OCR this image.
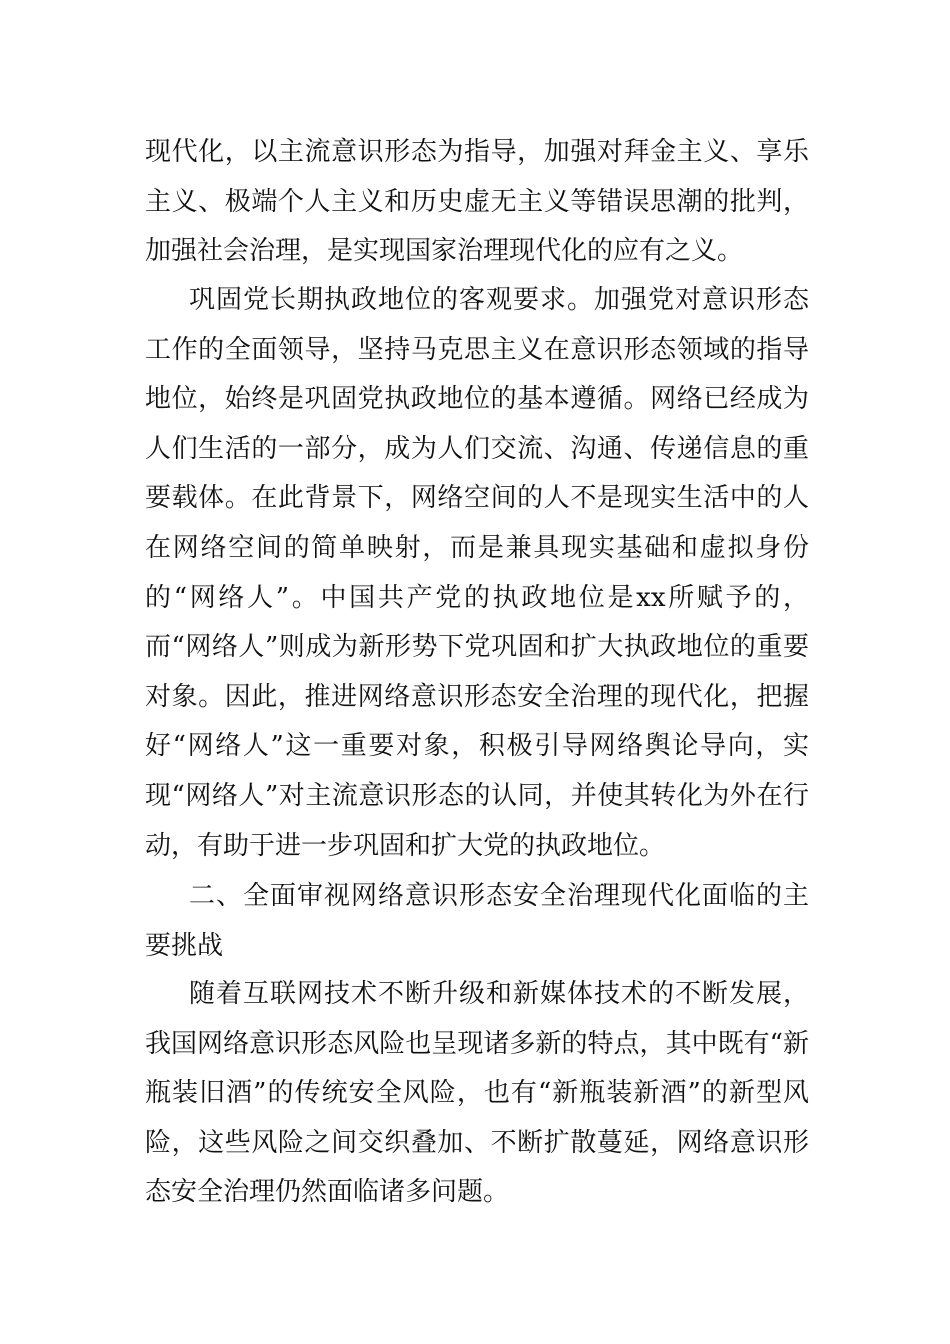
现代化，以主流意识形态为指导，加强对拜金主义、享乐主义、极端个人主义和历史虚无主义等错误思潮的批判，加强社会治理，是实现国家治理现代化的应有之义。

巩固党长期执政地位的客观要求。加强党对意识形态工作的全面领导，坚持马克思主义在意识形态领域的指导地位，始终是巩固党执政地位的基本遵循。网络已经成为人们生活的一部分，成为人们交流、沟通、传递信息的重要载体。在此背景下，网络空间的人不是现实生活中的人在网络空间的简单映射，而是兼具现实基础和虚拟身份的“网络人”。中国共产党的执政地位是xx所赋予的，而“网络人”则成为新形势下党巩固和扩大执政地位的重要对象。因此，推进网络意识形态安全治理的现代化，把握好“网络人”这一重要对象，积极引导网络舆论导向，实现“网络人”对主流意识形态的认同，并使其转化为外在行动，有助于进一步巩固和扩大党的执政地位。

二、全面审视网络意识形态安全治理现代化面临的主要挑战

随着互联网技术不断升级和新媒体技术的不断发展，我国网络意识形态风险也呈现诸多新的特点，其中既有“新瓶装旧酒”的传统安全风险，也有“新瓶装新酒”的新型风险，这些风险之间交织叠加、不断扩散蔓延，网络意识形态安全治理仍然面临诸多问题。
